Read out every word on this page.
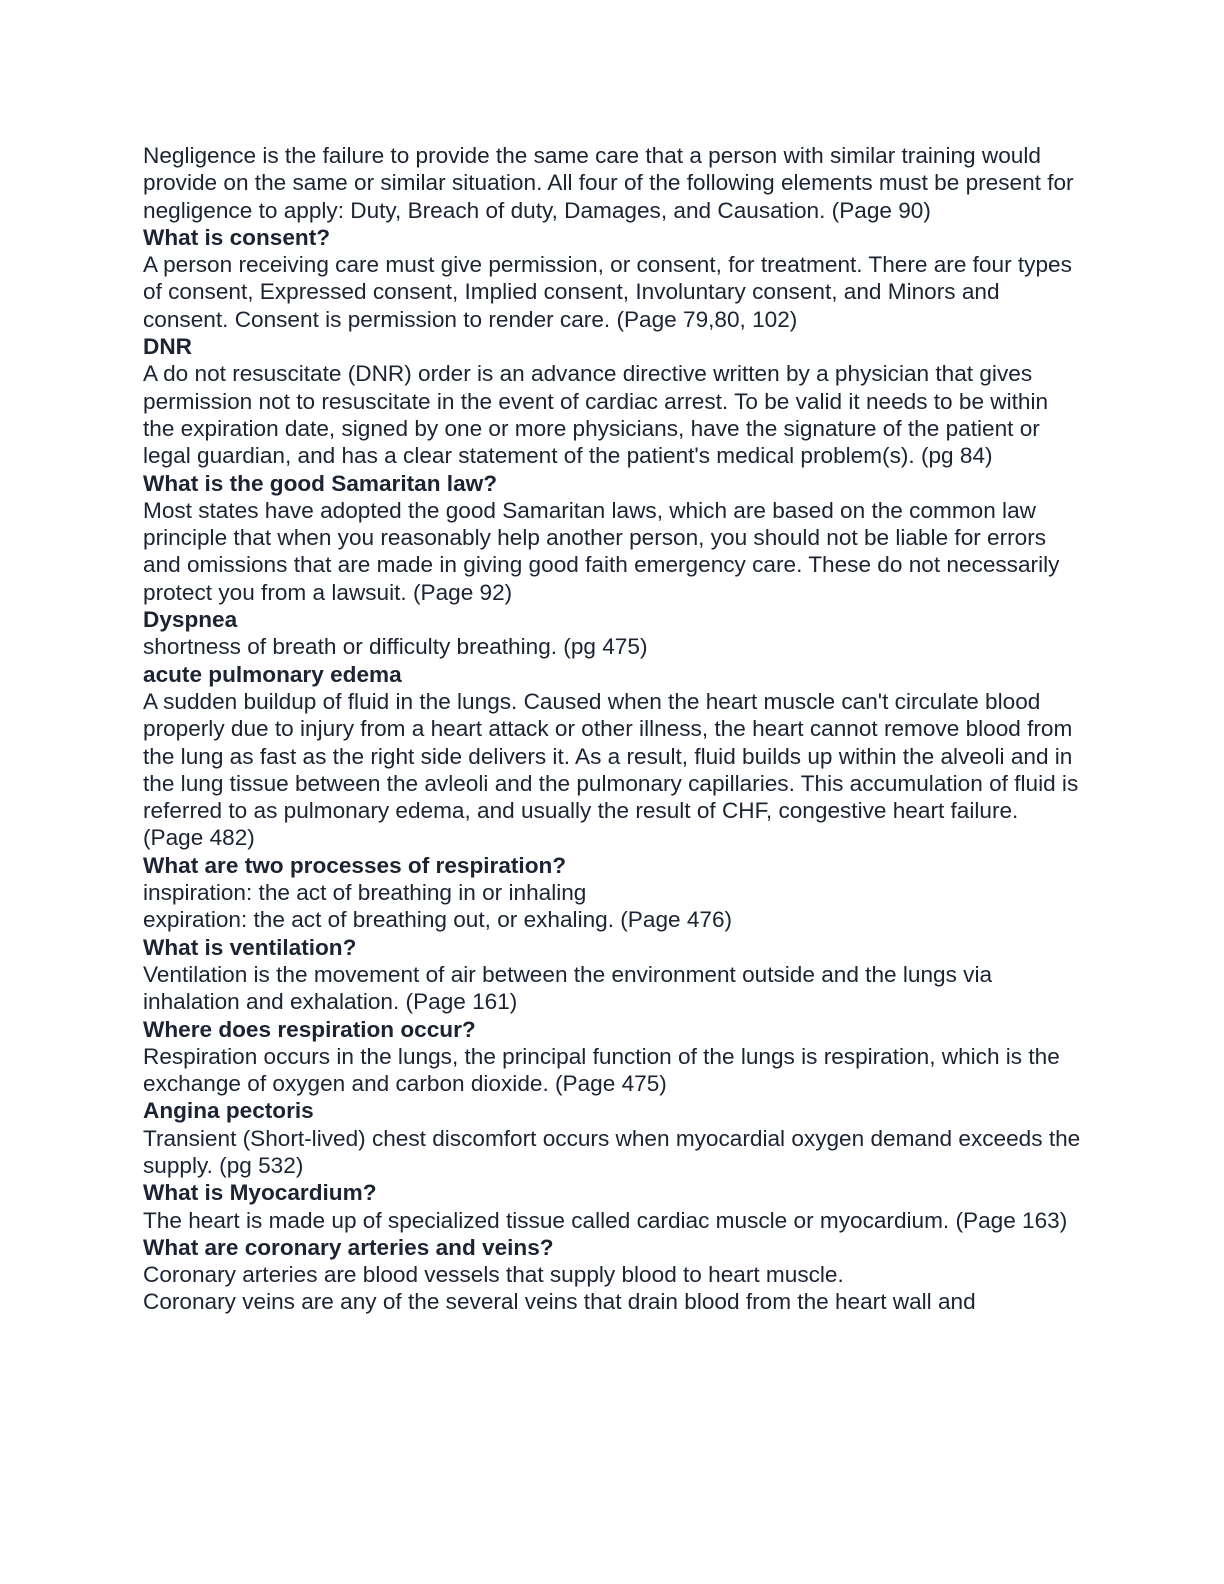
Negligence is the failure to provide the same care that a person with similar training would provide on the same or similar situation. All four of the following elements must be present for negligence to apply: Duty, Breach of duty, Damages, and Causation. (Page 90)

What is consent?

A person receiving care must give permission, or consent, for treatment. There are four types of consent, Expressed consent, Implied consent, Involuntary consent, and Minors and consent. Consent is permission to render care. (Page 79,80, 102)

DNR

A do not resuscitate (DNR) order is an advance directive written by a physician that gives permission not to resuscitate in the event of cardiac arrest. To be valid it needs to be within the expiration date, signed by one or more physicians, have the signature of the patient or legal guardian, and has a clear statement of the patient's medical problem(s). (pg 84)

What is the good Samaritan law?

Most states have adopted the good Samaritan laws, which are based on the common law principle that when you reasonably help another person, you should not be liable for errors and omissions that are made in giving good faith emergency care. These do not necessarily protect you from a lawsuit. (Page 92)

Dyspnea

shortness of breath or difficulty breathing. (pg 475)

acute pulmonary edema

A sudden buildup of fluid in the lungs. Caused when the heart muscle can't circulate blood properly due to injury from a heart attack or other illness, the heart cannot remove blood from the lung as fast as the right side delivers it. As a result, fluid builds up within the alveoli and in the lung tissue between the avleoli and the pulmonary capillaries. This accumulation of fluid is referred to as pulmonary edema, and usually the result of CHF, congestive heart failure. (Page 482)

What are two processes of respiration?

inspiration: the act of breathing in or inhaling

expiration: the act of breathing out, or exhaling. (Page 476)

What is ventilation?

Ventilation is the movement of air between the environment outside and the lungs via inhalation and exhalation. (Page 161)

Where does respiration occur?

Respiration occurs in the lungs, the principal function of the lungs is respiration, which is the exchange of oxygen and carbon dioxide. (Page 475)

Angina pectoris

Transient (Short-lived) chest discomfort occurs when myocardial oxygen demand exceeds the supply. (pg 532)

What is Myocardium?

The heart is made up of specialized tissue called cardiac muscle or myocardium. (Page 163)

What are coronary arteries and veins?

Coronary arteries are blood vessels that supply blood to heart muscle.

Coronary veins are any of the several veins that drain blood from the heart wall and
